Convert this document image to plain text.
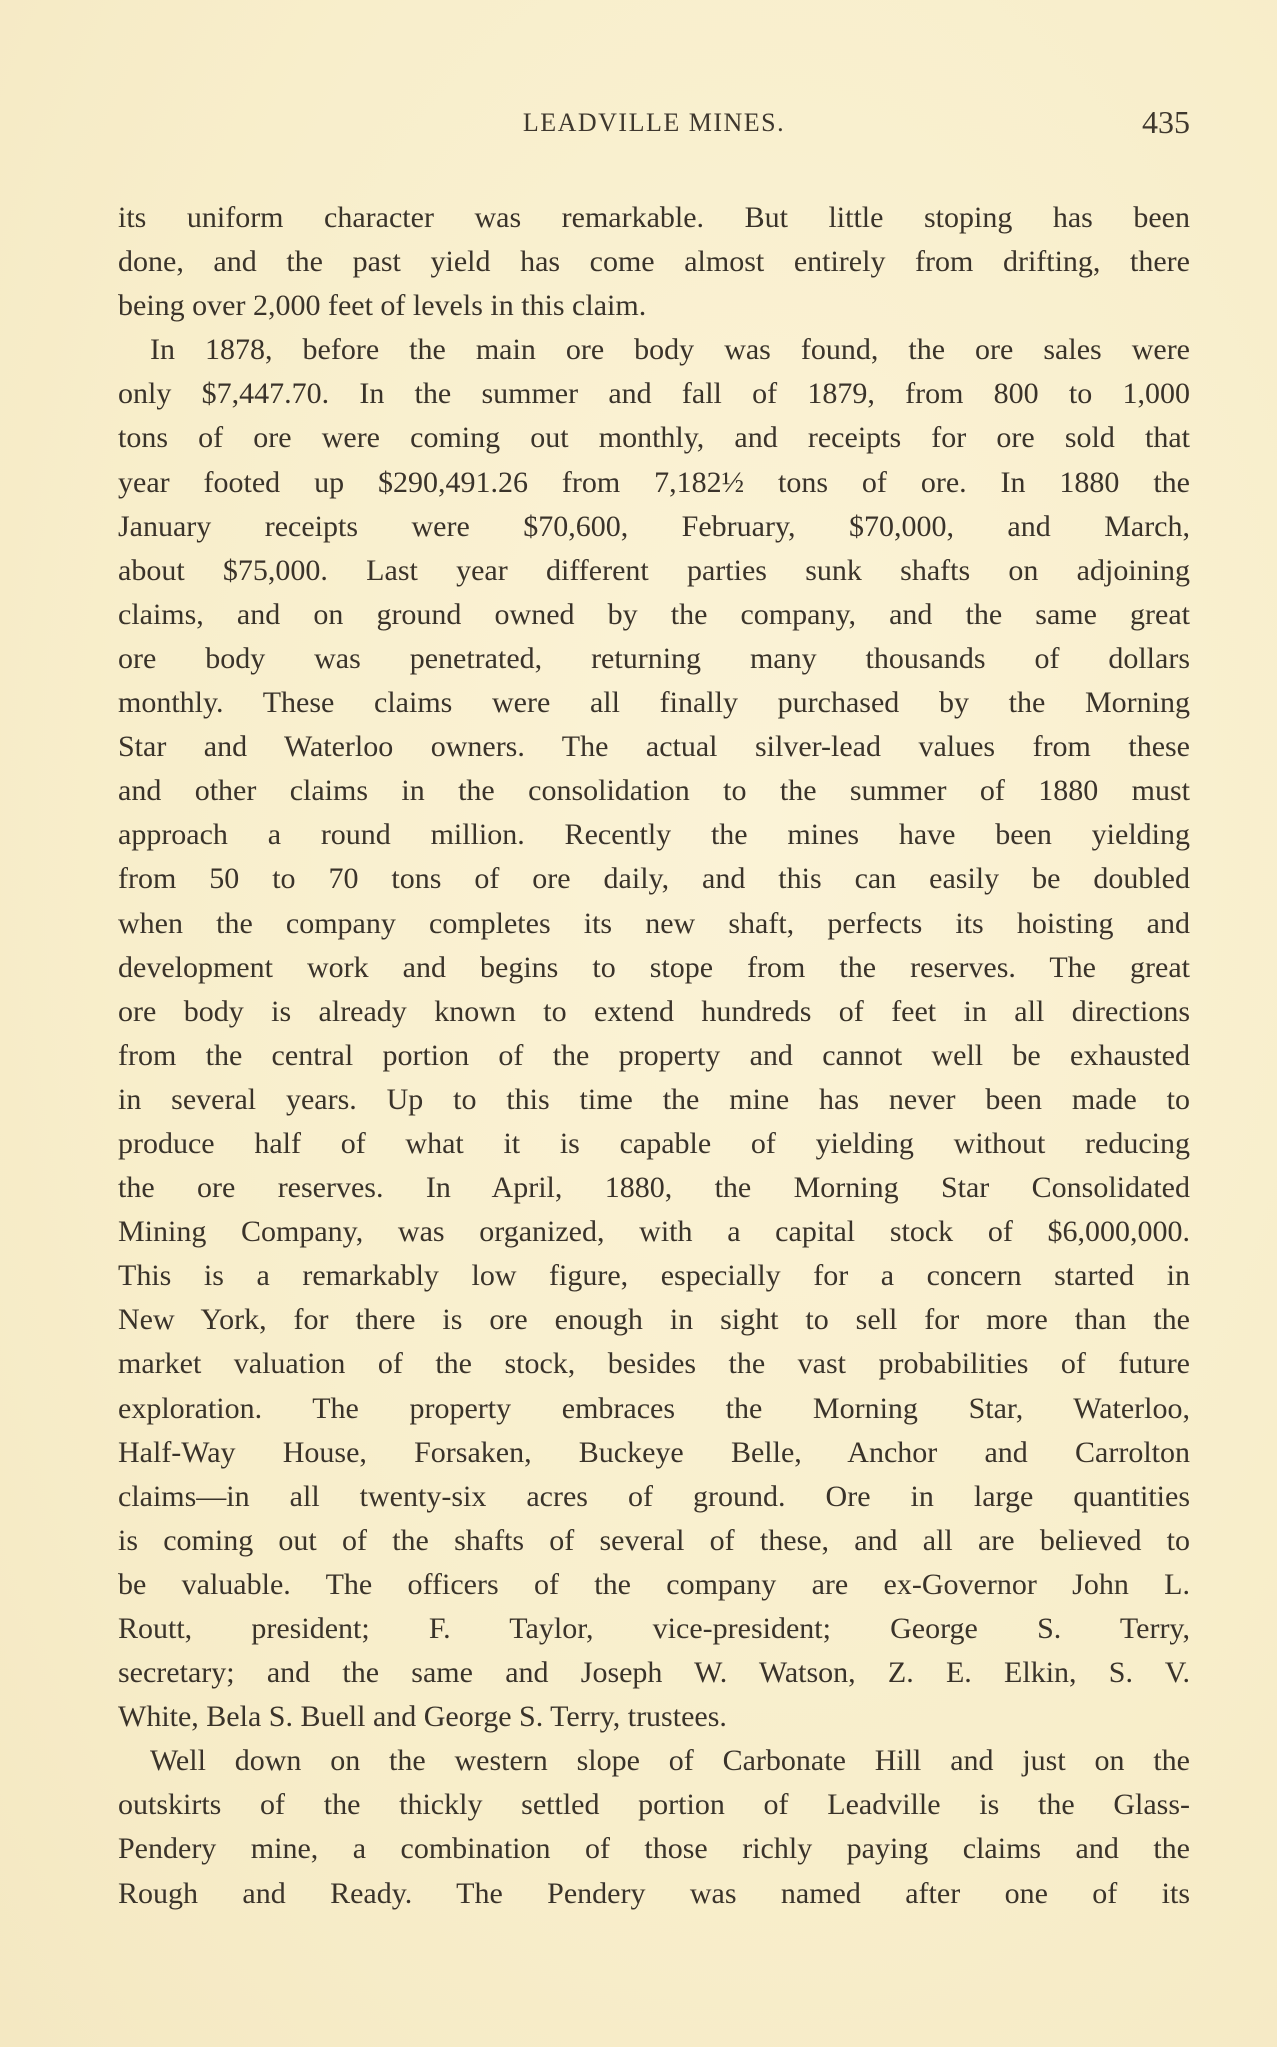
LEADVILLE MINES.	435
its uniform character was remarkable. But little stoping has been
done, and the past yield has come almost entirely from drifting, there
being over 2,000 feet of levels in this claim.
In 1878, before the main ore body was found, the ore sales were
only $7,447.70. In the summer and fall of 1879, from 800 to 1,000
tons of ore were coming out monthly, and receipts for ore sold that
year footed up $290,491.26 from 7,182½ tons of ore. In 1880 the
January receipts were $70,600, February, $70,000, and March,
about $75,000. Last year different parties sunk shafts on adjoining
claims, and on ground owned by the company, and the same great
ore body was penetrated, returning many thousands of dollars
monthly. These claims were all finally purchased by the Morning
Star and Waterloo owners. The actual silver-lead values from these
and other claims in the consolidation to the summer of 1880 must
approach a round million. Recently the mines have been yielding
from 50 to 70 tons of ore daily, and this can easily be doubled
when the company completes its new shaft, perfects its hoisting and
development work and begins to stope from the reserves. The great
ore body is already known to extend hundreds of feet in all directions
from the central portion of the property and cannot well be exhausted
in several years. Up to this time the mine has never been made to
produce half of what it is capable of yielding without reducing
the ore reserves. In April, 1880, the Morning Star Consolidated
Mining Company, was organized, with a capital stock of $6,000,000.
This is a remarkably low figure, especially for a concern started in
New York, for there is ore enough in sight to sell for more than the
market valuation of the stock, besides the vast probabilities of future
exploration. The property embraces the Morning Star, Waterloo,
Half-Way House, Forsaken, Buckeye Belle, Anchor and Carrolton
claims—in all twenty-six acres of ground. Ore in large quantities
is coming out of the shafts of several of these, and all are believed to
be valuable. The officers of the company are ex-Governor John L.
Routt, president; F. Taylor, vice-president; George S. Terry,
secretary; and the same and Joseph W. Watson, Z. E. Elkin, S. V.
White, Bela S. Buell and George S. Terry, trustees.
Well down on the western slope of Carbonate Hill and just on the
outskirts of the thickly settled portion of Leadville is the Glass-
Pendery mine, a combination of those richly paying claims and the
Rough and Ready. The Pendery was named after one of its
